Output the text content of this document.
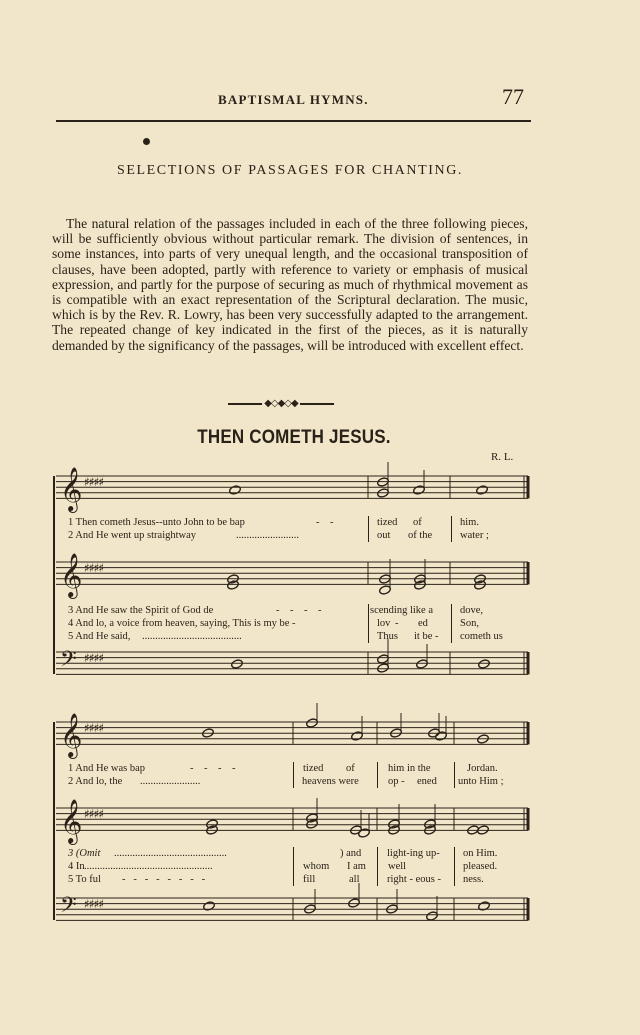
BAPTISMAL HYMNS.	77
SELECTIONS OF PASSAGES FOR CHANTING.

The natural relation of the passages included in each of the three following pieces, will be sufficiently obvious without particular remark. The division of sentences, in some instances, into parts of very unequal length, and the occasional transposition of clauses, have been adopted, partly with reference to variety or emphasis of musical expression, and partly for the purpose of securing as much of rhythmical movement as is compatible with an exact representation of the Scriptural declaration. The music, which is by the Rev. R. Lowry, has been very successfully adapted to the arrangement. The repeated change of key indicated in the first of the pieces, as it is naturally demanded by the significancy of the passages, will be introduced with excellent effect.

◆◇◆◇◆
THEN COMETH JESUS.
R. L.
𝄞 ♯♯♯♯
𝄞 ♯♯♯♯
𝄢 ♯♯♯♯
𝄞 ♯♯♯♯
𝄞 ♯♯♯♯
𝄢 ♯♯♯♯
1 Then cometh Jesus--unto John to be bap	-    -	tized of	him.
2 And He went up straightway	........................	out of the	water ;
3 And He saw the Spirit of God de	-    -    -    -	scending like a	dove,
4 And lo, a voice from heaven, saying, This is my be -	lov - ed	Son,
5 And He said, ......................................	Thus it be - cometh us
1 And He was bap	-    -    -    -	tized of	him in the	Jordan.
2 And lo, the .......................	heavens were	op - ened unto Him ;
3 (Omit ...........................................	) and light-ing up- on Him.
4 In .................................................	whom I am well	pleased.
5 To ful -   -   -   -   -   -   -   -	fill	all	right - eous - ness.
